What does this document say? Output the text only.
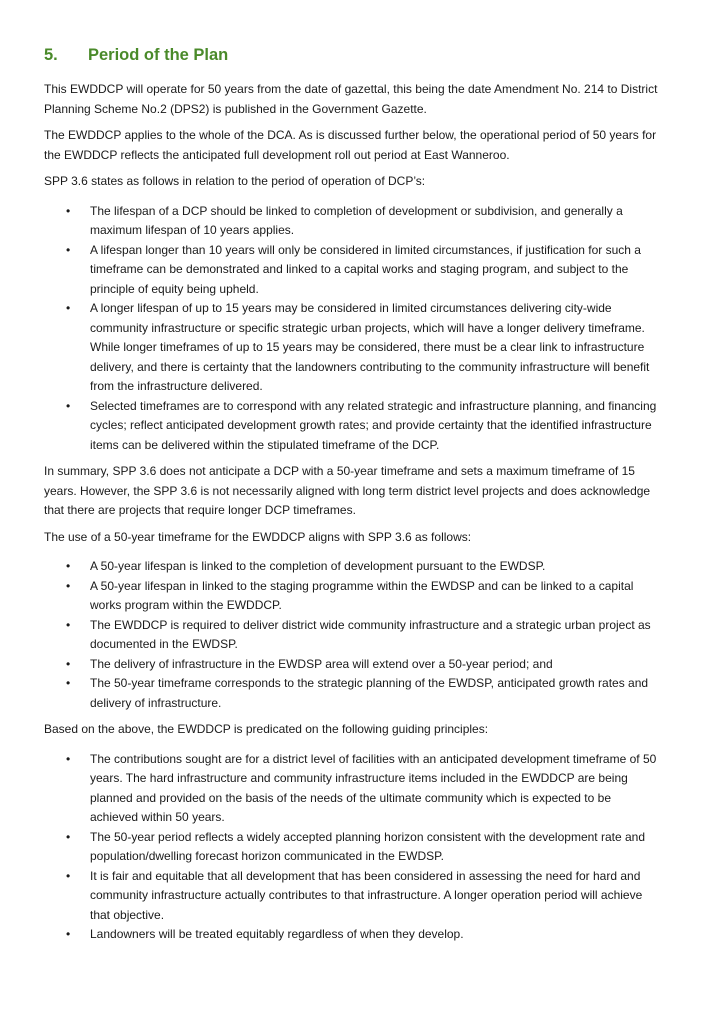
5.	Period of the Plan

This EWDDCP will operate for 50 years from the date of gazettal, this being the date Amendment No. 214 to District Planning Scheme No.2 (DPS2) is published in the Government Gazette.

The EWDDCP applies to the whole of the DCA. As is discussed further below, the operational period of 50 years for the EWDDCP reflects the anticipated full development roll out period at East Wanneroo.

SPP 3.6 states as follows in relation to the period of operation of DCP’s:

• The lifespan of a DCP should be linked to completion of development or subdivision, and generally a maximum lifespan of 10 years applies.
• A lifespan longer than 10 years will only be considered in limited circumstances, if justification for such a timeframe can be demonstrated and linked to a capital works and staging program, and subject to the principle of equity being upheld.
• A longer lifespan of up to 15 years may be considered in limited circumstances delivering city-wide community infrastructure or specific strategic urban projects, which will have a longer delivery timeframe. While longer timeframes of up to 15 years may be considered, there must be a clear link to infrastructure delivery, and there is certainty that the landowners contributing to the community infrastructure will benefit from the infrastructure delivered.
• Selected timeframes are to correspond with any related strategic and infrastructure planning, and financing cycles; reflect anticipated development growth rates; and provide certainty that the identified infrastructure items can be delivered within the stipulated timeframe of the DCP.

In summary, SPP 3.6 does not anticipate a DCP with a 50-year timeframe and sets a maximum timeframe of 15 years. However, the SPP 3.6 is not necessarily aligned with long term district level projects and does acknowledge that there are projects that require longer DCP timeframes.

The use of a 50-year timeframe for the EWDDCP aligns with SPP 3.6 as follows:

• A 50-year lifespan is linked to the completion of development pursuant to the EWDSP.
• A 50-year lifespan in linked to the staging programme within the EWDSP and can be linked to a capital works program within the EWDDCP.
• The EWDDCP is required to deliver district wide community infrastructure and a strategic urban project as documented in the EWDSP.
• The delivery of infrastructure in the EWDSP area will extend over a 50-year period; and
• The 50-year timeframe corresponds to the strategic planning of the EWDSP, anticipated growth rates and delivery of infrastructure.

Based on the above, the EWDDCP is predicated on the following guiding principles:

• The contributions sought are for a district level of facilities with an anticipated development timeframe of 50 years. The hard infrastructure and community infrastructure items included in the EWDDCP are being planned and provided on the basis of the needs of the ultimate community which is expected to be achieved within 50 years.
• The 50-year period reflects a widely accepted planning horizon consistent with the development rate and population/dwelling forecast horizon communicated in the EWDSP.
• It is fair and equitable that all development that has been considered in assessing the need for hard and community infrastructure actually contributes to that infrastructure. A longer operation period will achieve that objective.
• Landowners will be treated equitably regardless of when they develop.
